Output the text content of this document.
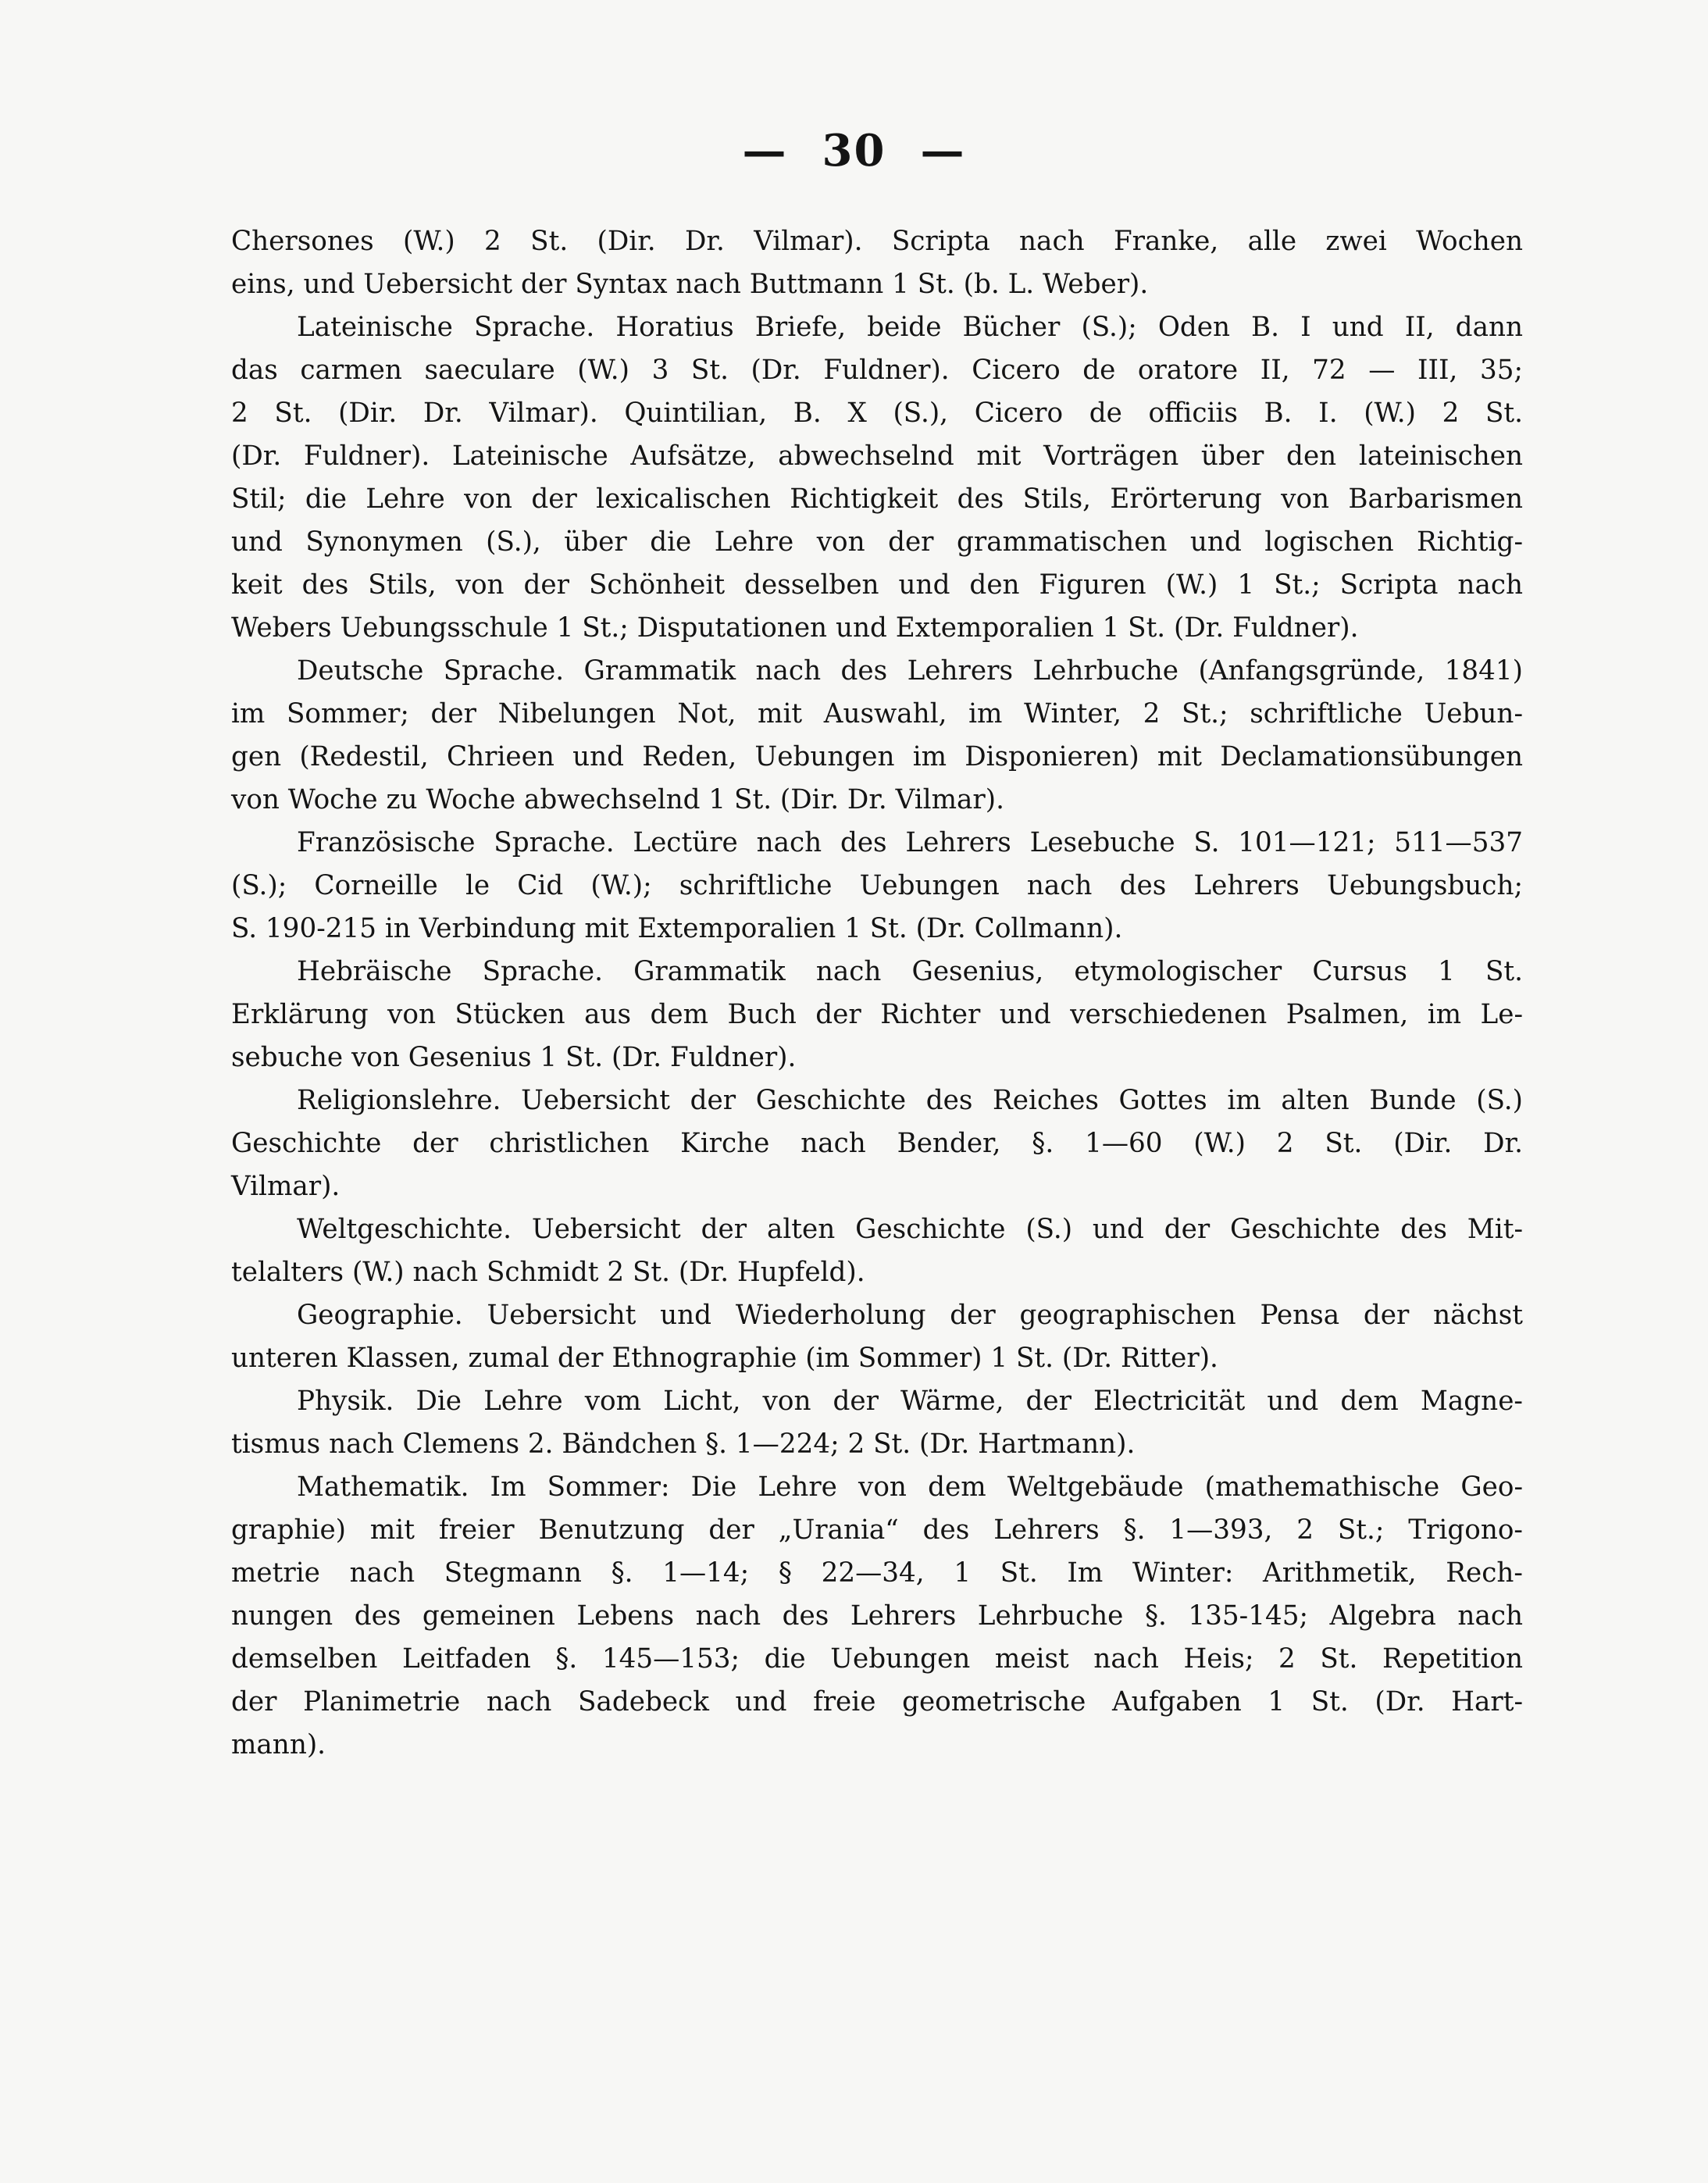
— 30 —
Chersones (W.) 2 St. (Dir. Dr. Vilmar). Scripta nach Franke, alle zwei Wochen
eins, und Uebersicht der Syntax nach Buttmann 1 St. (b. L. Weber).
Lateinische Sprache. Horatius Briefe, beide Bücher (S.); Oden B. I und II, dann
das carmen saeculare (W.) 3 St. (Dr. Fuldner). Cicero de oratore II, 72 — III, 35;
2 St. (Dir. Dr. Vilmar). Quintilian, B. X (S.), Cicero de officiis B. I. (W.) 2 St.
(Dr. Fuldner). Lateinische Aufsätze, abwechselnd mit Vorträgen über den lateinischen
Stil; die Lehre von der lexicalischen Richtigkeit des Stils, Erörterung von Barbarismen
und Synonymen (S.), über die Lehre von der grammatischen und logischen Richtig-
keit des Stils, von der Schönheit desselben und den Figuren (W.) 1 St.; Scripta nach
Webers Uebungsschule 1 St.; Disputationen und Extemporalien 1 St. (Dr. Fuldner).
Deutsche Sprache. Grammatik nach des Lehrers Lehrbuche (Anfangsgründe, 1841)
im Sommer; der Nibelungen Not, mit Auswahl, im Winter, 2 St.; schriftliche Uebun-
gen (Redestil, Chrieen und Reden, Uebungen im Disponieren) mit Declamationsübungen
von Woche zu Woche abwechselnd 1 St. (Dir. Dr. Vilmar).
Französische Sprache. Lectüre nach des Lehrers Lesebuche S. 101—121; 511—537
(S.); Corneille le Cid (W.); schriftliche Uebungen nach des Lehrers Uebungsbuch;
S. 190-215 in Verbindung mit Extemporalien 1 St. (Dr. Collmann).
Hebräische Sprache. Grammatik nach Gesenius, etymologischer Cursus 1 St.
Erklärung von Stücken aus dem Buch der Richter und verschiedenen Psalmen, im Le-
sebuche von Gesenius 1 St. (Dr. Fuldner).
Religionslehre. Uebersicht der Geschichte des Reiches Gottes im alten Bunde (S.)
Geschichte der christlichen Kirche nach Bender, §. 1—60 (W.) 2 St. (Dir. Dr.
Vilmar).
Weltgeschichte. Uebersicht der alten Geschichte (S.) und der Geschichte des Mit-
telalters (W.) nach Schmidt 2 St. (Dr. Hupfeld).
Geographie. Uebersicht und Wiederholung der geographischen Pensa der nächst
unteren Klassen, zumal der Ethnographie (im Sommer) 1 St. (Dr. Ritter).
Physik. Die Lehre vom Licht, von der Wärme, der Electricität und dem Magne-
tismus nach Clemens 2. Bändchen §. 1—224; 2 St. (Dr. Hartmann).
Mathematik. Im Sommer: Die Lehre von dem Weltgebäude (mathemathische Geo-
graphie) mit freier Benutzung der „Urania“ des Lehrers §. 1—393, 2 St.; Trigono-
metrie nach Stegmann §. 1—14; § 22—34, 1 St. Im Winter: Arithmetik, Rech-
nungen des gemeinen Lebens nach des Lehrers Lehrbuche §. 135-145; Algebra nach
demselben Leitfaden §. 145—153; die Uebungen meist nach Heis; 2 St. Repetition
der Planimetrie nach Sadebeck und freie geometrische Aufgaben 1 St. (Dr. Hart-
mann).
